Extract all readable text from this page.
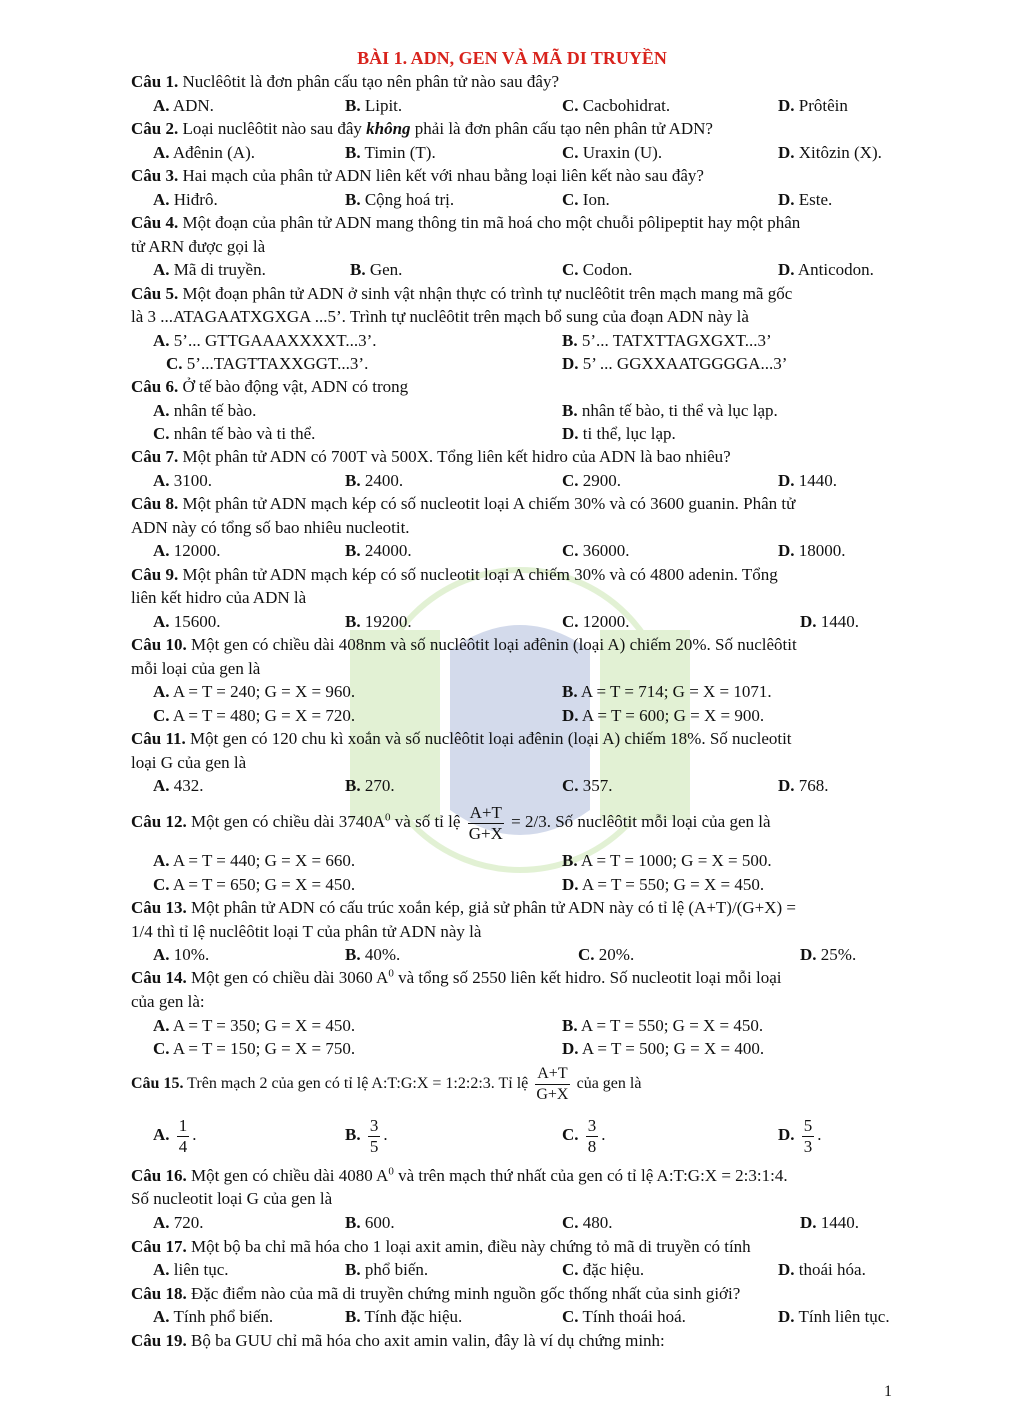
BÀI 1. ADN, GEN VÀ MÃ DI TRUYỀN
Câu 1. Nuclêôtit là đơn phân cấu tạo nên phân tử nào sau đây?
A. ADN.	B. Lipit.	C. Cacbohidrat.	D. Prôtêin
Câu 2. Loại nuclêôtit nào sau đây không phải là đơn phân cấu tạo nên phân tử ADN?
A. Ađênin (A).	B. Timin (T).	C. Uraxin (U).	D. Xitôzin (X).
Câu 3. Hai mạch của phân tử ADN liên kết với nhau bằng loại liên kết nào sau đây?
A. Hiđrô.	B. Cộng hoá trị.	C. Ion.	D. Este.
Câu 4. Một đoạn của phân tử ADN mang thông tin mã hoá cho một chuỗi pôlipeptit hay một phân
tử ARN được gọi là
A. Mã di truyền.	B. Gen.	C. Codon.	D. Anticodon.
Câu 5. Một đoạn phân tử ADN ở sinh vật nhận thực có trình tự nuclêôtit trên mạch mang mã gốc
là 3 ...ATAGAATXGXGA ...5’. Trình tự nuclêôtit trên mạch bổ sung của đoạn ADN này là
A. 5’... GTTGAAAXXXXT...3’.	B. 5’... TATXTTAGXGXT...3’
C. 5’...TAGTTAXXGGT...3’.	D. 5’ ... GGXXAATGGGGA...3’
Câu 6. Ở tế bào động vật, ADN có trong
A. nhân tế bào.	B. nhân tế bào, ti thể và lục lạp.
C. nhân tế bào và ti thể.	D. ti thể, lục lạp.
Câu 7. Một phân tử ADN có 700T và 500X. Tổng liên kết hidro của ADN là bao nhiêu?
A. 3100.	B. 2400.	C. 2900.	D. 1440.
Câu 8. Một phân tử ADN mạch kép có số nucleotit loại A chiếm 30% và có 3600 guanin. Phân tử
ADN này có tổng số bao nhiêu nucleotit.
A. 12000.	B. 24000.	C. 36000.	D. 18000.
Câu 9. Một phân tử ADN mạch kép có số nucleotit loại A chiếm 30% và có 4800 adenin. Tổng
liên kết hidro của ADN là
A. 15600.	B. 19200.	C. 12000.	D. 1440.
Câu 10. Một gen có chiều dài 408nm và số nuclêôtit loại ađênin (loại A) chiếm 20%. Số nuclêôtit
mỗi loại của gen là
A. A = T = 240; G = X = 960.	B. A = T = 714; G = X = 1071.
C. A = T = 480; G = X = 720.	D. A = T = 600; G = X = 900.
Câu 11. Một gen có 120 chu kì xoắn và số nuclêôtit loại ađênin (loại A) chiếm 18%. Số nucleotit
loại G của gen là
A. 432.	B. 270.	C. 357.	D. 768.
Câu 12. Một gen có chiều dài $3740A^0$ và số tỉ lệ $\frac{A+T}{G+X} = 2/3$. Số nuclêôtit mỗi loại của gen là
A. A = T = 440; G = X = 660.	B. A = T = 1000; G = X = 500.
C. A = T = 650; G = X = 450.	D. A = T = 550; G = X = 450.
Câu 13. Một phân tử ADN có cấu trúc xoắn kép, giả sử phân tử ADN này có tỉ lệ (A+T)/(G+X) =
1/4 thì tỉ lệ nuclêôtit loại T của phân tử ADN này là
A. 10%.	B. 40%.	C. 20%.	D. 25%.
Câu 14. Một gen có chiều dài 3060 $A^0$ và tổng số 2550 liên kết hidro. Số nucleotit loại mỗi loại
của gen là:
A. A = T = 350; G = X = 450.	B. A = T = 550; G = X = 450.
C. A = T = 150; G = X = 750.	D. A = T = 500; G = X = 400.
Câu 15. Trên mạch 2 của gen có tỉ lệ A:T:G:X = 1:2:2:3. Tỉ lệ $\frac{A+T}{G+X}$ của gen là
A. $\frac{1}{4}$ .	B. $\frac{3}{5}$ .	C. $\frac{3}{8}$ .	D. $\frac{5}{3}$ .
Câu 16. Một gen có chiều dài 4080 $A^0$ và trên mạch thứ nhất của gen có tỉ lệ A:T:G:X = 2:3:1:4.
Số nucleotit loại G của gen là
A. 720.	B. 600.	C. 480.	D. 1440.
Câu 17. Một bộ ba chỉ mã hóa cho 1 loại axit amin, điều này chứng tỏ mã di truyền có tính
A. liên tục.	B. phổ biến.	C. đặc hiệu.	D. thoái hóa.
Câu 18. Đặc điểm nào của mã di truyền chứng minh nguồn gốc thống nhất của sinh giới?
A. Tính phổ biến.	B. Tính đặc hiệu.	C. Tính thoái hoá.	D. Tính liên tục.
Câu 19. Bộ ba GUU chỉ mã hóa cho axit amin valin, đây là ví dụ chứng minh:
1
